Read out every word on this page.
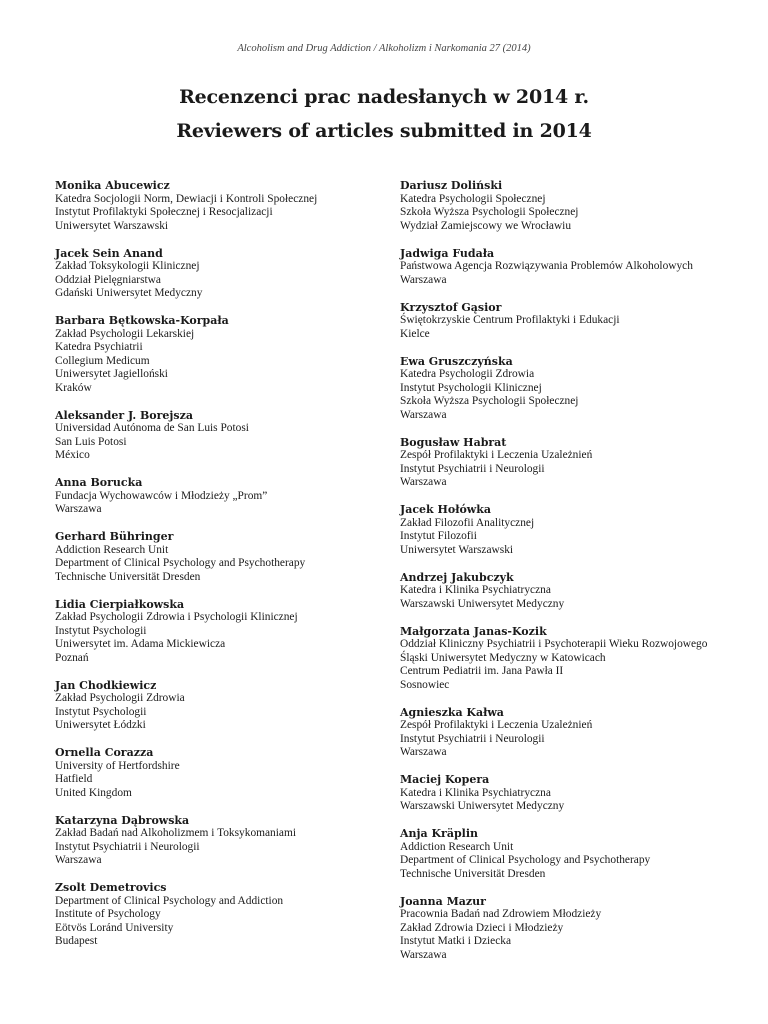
Alcoholism and Drug Addiction / Alkoholizm i Narkomania 27 (2014)
Recenzenci prac nadesłanych w 2014 r.
Reviewers of articles submitted in 2014
Monika Abucewicz
Katedra Socjologii Norm, Dewiacji i Kontroli Społecznej
Instytut Profilaktyki Społecznej i Resocjalizacji
Uniwersytet Warszawski
Jacek Sein Anand
Zakład Toksykologii Klinicznej
Oddział Pielęgniarstwa
Gdański Uniwersytet Medyczny
Barbara Bętkowska-Korpała
Zakład Psychologii Lekarskiej
Katedra Psychiatrii
Collegium Medicum
Uniwersytet Jagielloński
Kraków
Aleksander J. Borejsza
Universidad Autónoma de San Luis Potosi
San Luis Potosi
México
Anna Borucka
Fundacja Wychowawców i Młodzieży „Prom”
Warszawa
Gerhard Bühringer
Addiction Research Unit
Department of Clinical Psychology and Psychotherapy
Technische Universität Dresden
Lidia Cierpiałkowska
Zakład Psychologii Zdrowia i Psychologii Klinicznej
Instytut Psychologii
Uniwersytet im. Adama Mickiewicza
Poznań
Jan Chodkiewicz
Zakład Psychologii Zdrowia
Instytut Psychologii
Uniwersytet Łódzki
Ornella Corazza
University of Hertfordshire
Hatfield
United Kingdom
Katarzyna Dąbrowska
Zakład Badań nad Alkoholizmem i Toksykomaniami
Instytut Psychiatrii i Neurologii
Warszawa
Zsolt Demetrovics
Department of Clinical Psychology and Addiction
Institute of Psychology
Eötvös Loránd University
Budapest
Dariusz Doliński
Katedra Psychologii Społecznej
Szkoła Wyższa Psychologii Społecznej
Wydział Zamiejscowy we Wrocławiu
Jadwiga Fudała
Państwowa Agencja Rozwiązywania Problemów Alkoholowych
Warszawa
Krzysztof Gąsior
Świętokrzyskie Centrum Profilaktyki i Edukacji
Kielce
Ewa Gruszczyńska
Katedra Psychologii Zdrowia
Instytut Psychologii Klinicznej
Szkoła Wyższa Psychologii Społecznej
Warszawa
Bogusław Habrat
Zespół Profilaktyki i Leczenia Uzależnień
Instytut Psychiatrii i Neurologii
Warszawa
Jacek Hołówka
Zakład Filozofii Analitycznej
Instytut Filozofii
Uniwersytet Warszawski
Andrzej Jakubczyk
Katedra i Klinika Psychiatryczna
Warszawski Uniwersytet Medyczny
Małgorzata Janas-Kozik
Oddział Kliniczny Psychiatrii i Psychoterapii Wieku Rozwojowego
Śląski Uniwersytet Medyczny w Katowicach
Centrum Pediatrii im. Jana Pawła II
Sosnowiec
Agnieszka Kałwa
Zespół Profilaktyki i Leczenia Uzależnień
Instytut Psychiatrii i Neurologii
Warszawa
Maciej Kopera
Katedra i Klinika Psychiatryczna
Warszawski Uniwersytet Medyczny
Anja Kräplin
Addiction Research Unit
Department of Clinical Psychology and Psychotherapy
Technische Universität Dresden
Joanna Mazur
Pracownia Badań nad Zdrowiem Młodzieży
Zakład Zdrowia Dzieci i Młodzieży
Instytut Matki i Dziecka
Warszawa
